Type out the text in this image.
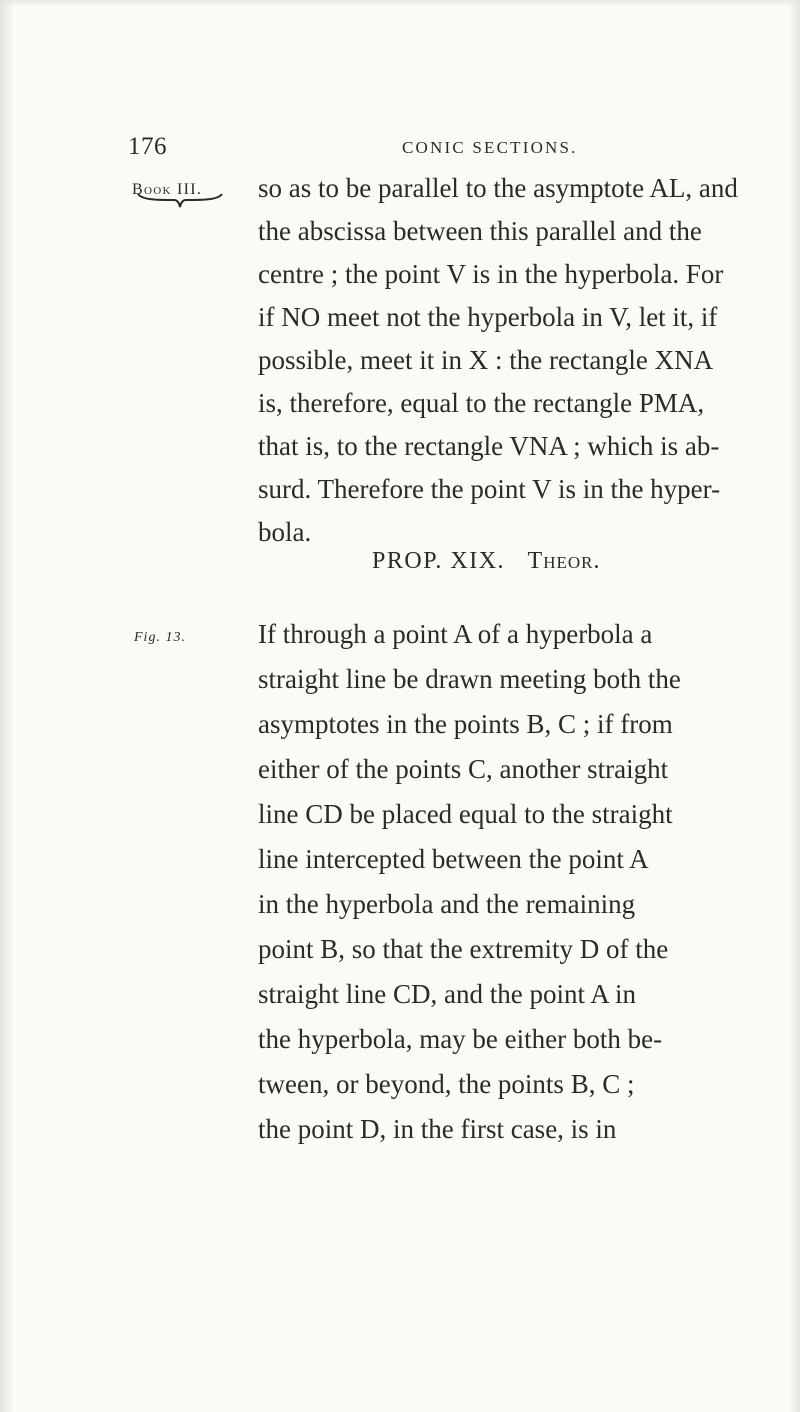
176	CONIC SECTIONS.
Book III. so as to be parallel to the asymptote AL, and
the abscissa between this parallel and the
centre ; the point V is in the hyperbola. For
if NO meet not the hyperbola in V, let it, if
possible, meet it in X : the rectangle XNA
is, therefore, equal to the rectangle PMA,
that is, to the rectangle VNA ; which is ab-
surd. Therefore the point V is in the hyper-
bola.
PROP. XIX. Theor.
Fig. 13.	If through a point A of a hyperbola a
straight line be drawn meeting both the
asymptotes in the points B, C ; if from
either of the points C, another straight
line CD be placed equal to the straight
line intercepted between the point A
in the hyperbola and the remaining
point B, so that the extremity D of the
straight line CD, and the point A in
the hyperbola, may be either both be-
tween, or beyond, the points B, C ;
the point D, in the first case, is in
